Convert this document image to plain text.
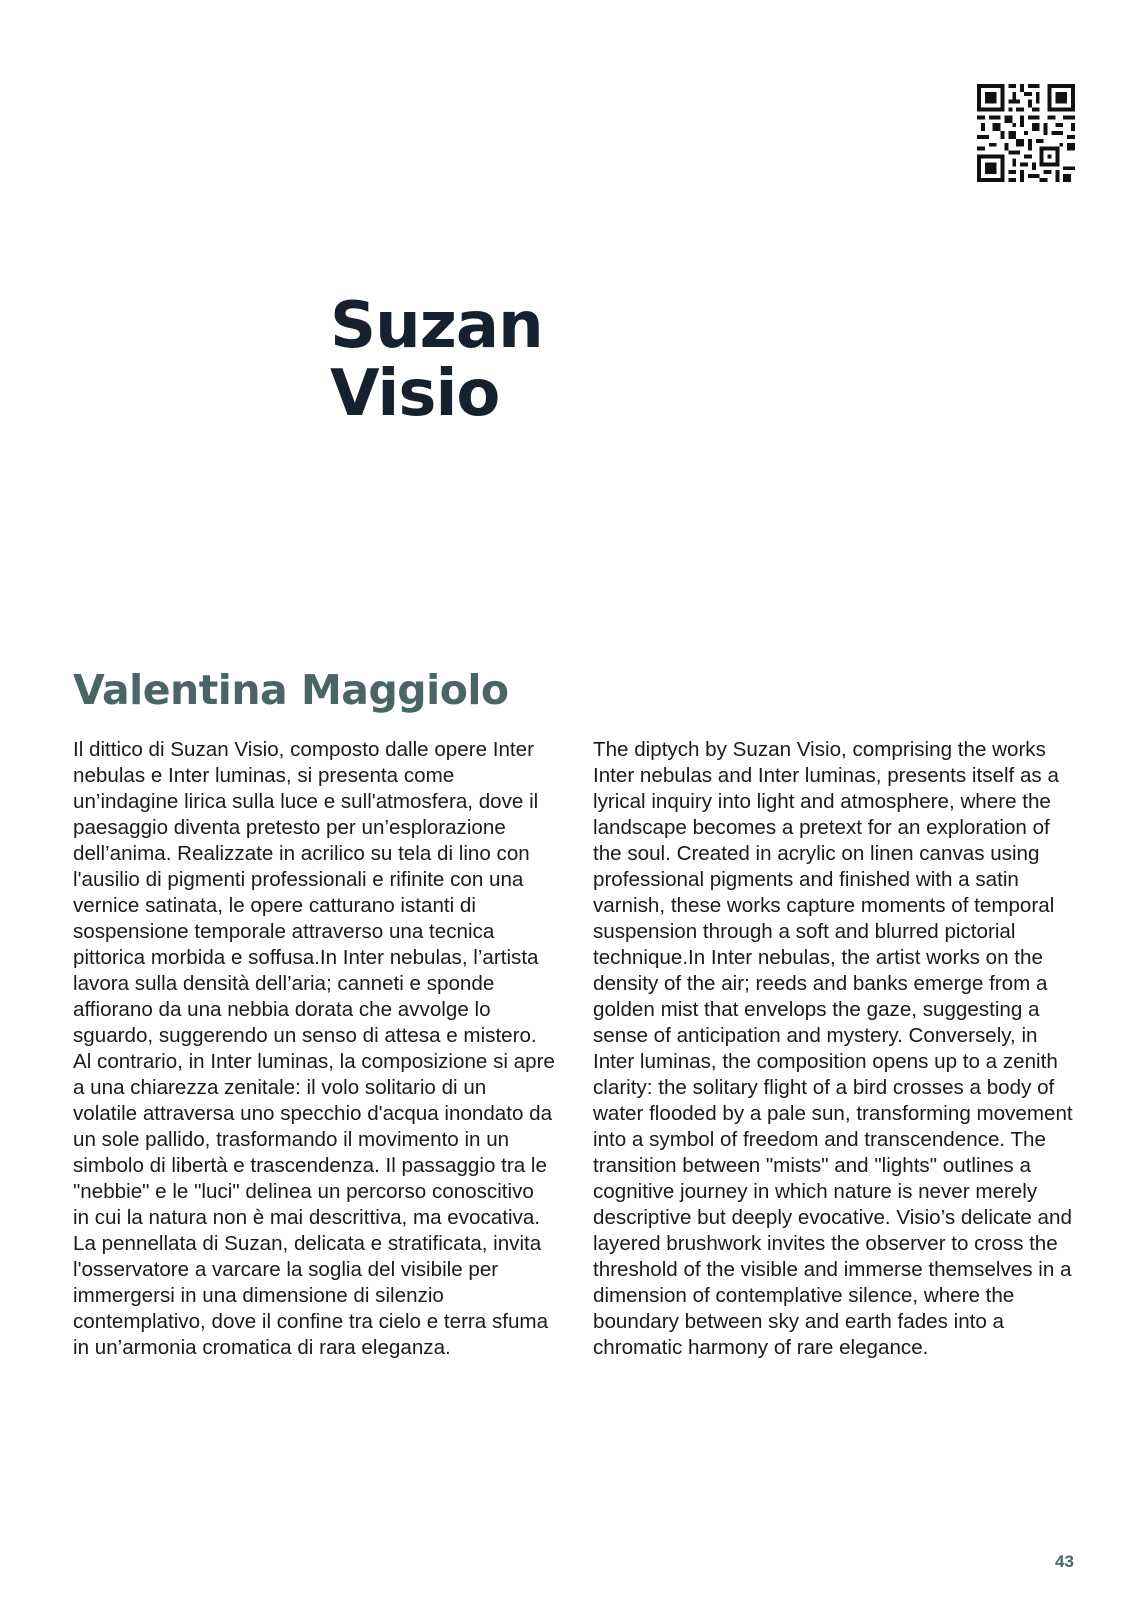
Suzan
Visio
Valentina Maggiolo

Il dittico di Suzan Visio, composto dalle opere Inter nebulas e Inter luminas, si presenta come un’indagine lirica sulla luce e sull'atmosfera, dove il paesaggio diventa pretesto per un’esplorazione dell’anima. Realizzate in acrilico su tela di lino con l'ausilio di pigmenti professionali e rifinite con una vernice satinata, le opere catturano istanti di sospensione temporale attraverso una tecnica pittorica morbida e soffusa.In Inter nebulas, l’artista lavora sulla densità dell’aria; canneti e sponde affiorano da una nebbia dorata che avvolge lo sguardo, suggerendo un senso di attesa e mistero. Al contrario, in Inter luminas, la composizione si apre a una chiarezza zenitale: il volo solitario di un volatile attraversa uno specchio d'acqua inondato da un sole pallido, trasformando il movimento in un simbolo di libertà e trascendenza. Il passaggio tra le "nebbie" e le "luci" delinea un percorso conoscitivo in cui la natura non è mai descrittiva, ma evocativa. La pennellata di Suzan, delicata e stratificata, invita l'osservatore a varcare la soglia del visibile per immergersi in una dimensione di silenzio contemplativo, dove il confine tra cielo e terra sfuma in un’armonia cromatica di rara eleganza.

The diptych by Suzan Visio, comprising the works Inter nebulas and Inter luminas, presents itself as a lyrical inquiry into light and atmosphere, where the landscape becomes a pretext for an exploration of the soul. Created in acrylic on linen canvas using professional pigments and finished with a satin varnish, these works capture moments of temporal suspension through a soft and blurred pictorial technique.In Inter nebulas, the artist works on the density of the air; reeds and banks emerge from a golden mist that envelops the gaze, suggesting a sense of anticipation and mystery. Conversely, in Inter luminas, the composition opens up to a zenith clarity: the solitary flight of a bird crosses a body of water flooded by a pale sun, transforming movement into a symbol of freedom and transcendence. The transition between "mists" and "lights" outlines a cognitive journey in which nature is never merely descriptive but deeply evocative. Visio’s delicate and layered brushwork invites the observer to cross the threshold of the visible and immerse themselves in a dimension of contemplative silence, where the boundary between sky and earth fades into a chromatic harmony of rare elegance.

43
